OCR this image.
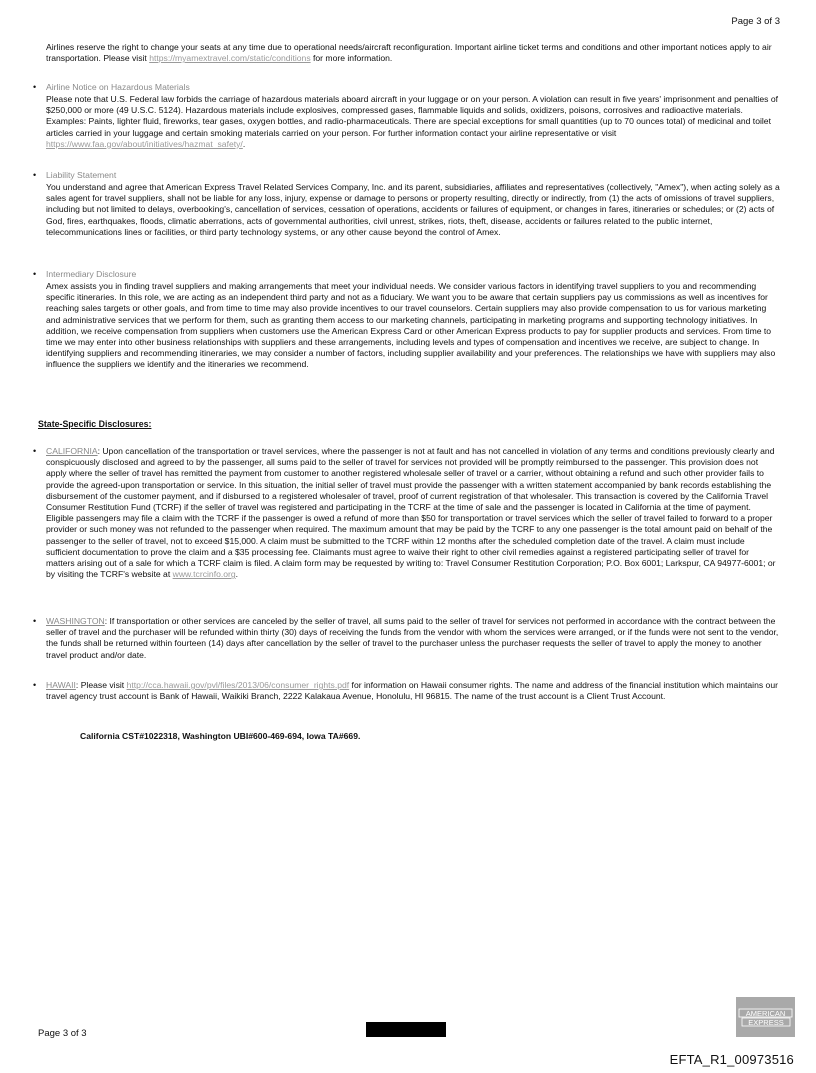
Page 3 of 3

Airlines reserve the right to change your seats at any time due to operational needs/aircraft reconfiguration. Important airline ticket terms and conditions and other important notices apply to air transportation. Please visit https://myamextravel.com/static/conditions for more information.

• Airline Notice on Hazardous Materials

Please note that U.S. Federal law forbids the carriage of hazardous materials aboard aircraft in your luggage or on your person. A violation can result in five years' imprisonment and penalties of $250,000 or more (49 U.S.C. 5124). Hazardous materials include explosives, compressed gases, flammable liquids and solids, oxidizers, poisons, corrosives and radioactive materials. Examples: Paints, lighter fluid, fireworks, tear gases, oxygen bottles, and radio-pharmaceuticals. There are special exceptions for small quantities (up to 70 ounces total) of medicinal and toilet articles carried in your luggage and certain smoking materials carried on your person. For further information contact your airline representative or visit https://www.faa.gov/about/initiatives/hazmat_safety/.

• Liability Statement

You understand and agree that American Express Travel Related Services Company, Inc. and its parent, subsidiaries, affiliates and representatives (collectively, "Amex"), when acting solely as a sales agent for travel suppliers, shall not be liable for any loss, injury, expense or damage to persons or property resulting, directly or indirectly, from (1) the acts of omissions of travel suppliers, including but not limited to delays, overbooking's, cancellation of services, cessation of operations, accidents or failures of equipment, or changes in fares, itineraries or schedules; or (2) acts of God, fires, earthquakes, floods, climatic aberrations, acts of governmental authorities, civil unrest, strikes, riots, theft, disease, accidents or failures related to the public internet, telecommunications lines or facilities, or third party technology systems, or any other cause beyond the control of Amex.

• Intermediary Disclosure

Amex assists you in finding travel suppliers and making arrangements that meet your individual needs. We consider various factors in identifying travel suppliers to you and recommending specific itineraries. In this role, we are acting as an independent third party and not as a fiduciary. We want you to be aware that certain suppliers pay us commissions as well as incentives for reaching sales targets or other goals, and from time to time may also provide incentives to our travel counselors. Certain suppliers may also provide compensation to us for various marketing and administrative services that we perform for them, such as granting them access to our marketing channels, participating in marketing programs and supporting technology initiatives. In addition, we receive compensation from suppliers when customers use the American Express Card or other American Express products to pay for supplier products and services. From time to time we may enter into other business relationships with suppliers and these arrangements, including levels and types of compensation and incentives we receive, are subject to change. In identifying suppliers and recommending itineraries, we may consider a number of factors, including supplier availability and your preferences. The relationships we have with suppliers may also influence the suppliers we identify and the itineraries we recommend.

State-Specific Disclosures:
• CALIFORNIA: Upon cancellation of the transportation or travel services, where the passenger is not at fault and has not cancelled in violation of any terms and conditions previously clearly and conspicuously disclosed and agreed to by the passenger, all sums paid to the seller of travel for services not provided will be promptly reimbursed to the passenger. This provision does not apply where the seller of travel has remitted the payment from customer to another registered wholesale seller of travel or a carrier, without obtaining a refund and such other provider fails to provide the agreed-upon transportation or service. In this situation, the initial seller of travel must provide the passenger with a written statement accompanied by bank records establishing the disbursement of the customer payment, and if disbursed to a registered wholesaler of travel, proof of current registration of that wholesaler. This transaction is covered by the California Travel Consumer Restitution Fund (TCRF) if the seller of travel was registered and participating in the TCRF at the time of sale and the passenger is located in California at the time of payment. Eligible passengers may file a claim with the TCRF if the passenger is owed a refund of more than $50 for transportation or travel services which the seller of travel failed to forward to a proper provider or such money was not refunded to the passenger when required. The maximum amount that may be paid by the TCRF to any one passenger is the total amount paid on behalf of the passenger to the seller of travel, not to exceed $15,000. A claim must be submitted to the TCRF within 12 months after the scheduled completion date of the travel. A claim must include sufficient documentation to prove the claim and a $35 processing fee. Claimants must agree to waive their right to other civil remedies against a registered participating seller of travel for matters arising out of a sale for which a TCRF claim is filed. A claim form may be requested by writing to: Travel Consumer Restitution Corporation; P.O. Box 6001; Larkspur, CA 94977-6001; or by visiting the TCRF's website at www.tcrcinfo.org.

• WASHINGTON: If transportation or other services are canceled by the seller of travel, all sums paid to the seller of travel for services not performed in accordance with the contract between the seller of travel and the purchaser will be refunded within thirty (30) days of receiving the funds from the vendor with whom the services were arranged, or if the funds were not sent to the vendor, the funds shall be returned within fourteen (14) days after cancellation by the seller of travel to the purchaser unless the purchaser requests the seller of travel to apply the money to another travel product and/or date.

• HAWAII: Please visit http://cca.hawaii.gov/pvl/files/2013/06/consumer_rights.pdf for information on Hawaii consumer rights. The name and address of the financial institution which maintains our travel agency trust account is Bank of Hawaii, Waikiki Branch, 2222 Kalakaua Avenue, Honolulu, HI 96815. The name of the trust account is a Client Trust Account.

California CST#1022318, Washington UBI#600-469-694, Iowa TA#669.
AMERICAN
EXPRESS
Page 3 of 3
EFTA_R1_00973516
